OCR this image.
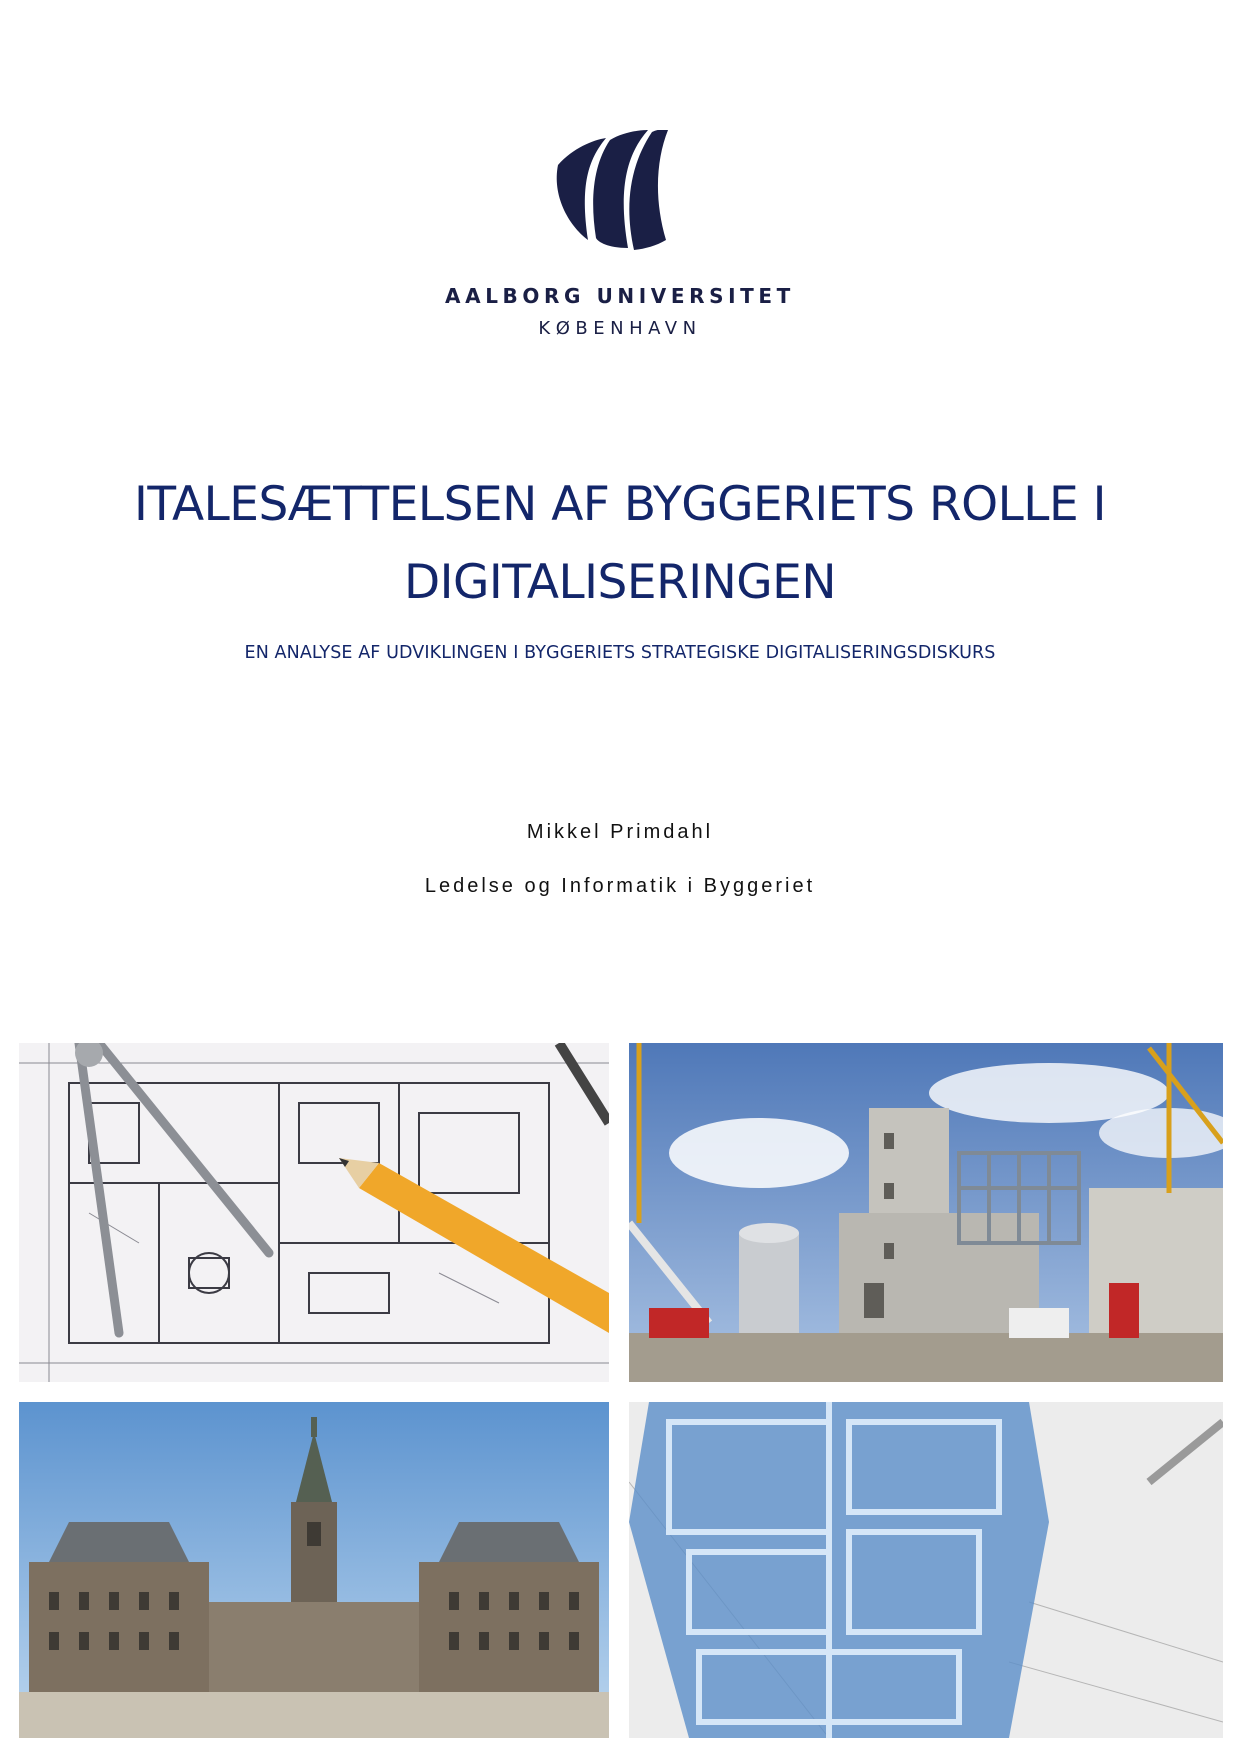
AALBORG UNIVERSITET
KØBENHAVN
ITALESÆTTELSEN AF BYGGERIETS ROLLE I DIGITALISERINGEN
EN ANALYSE AF UDVIKLINGEN I BYGGERIETS STRATEGISKE DIGITALISERINGSDISKURS
Mikkel Primdahl
Ledelse og Informatik i Byggeriet
